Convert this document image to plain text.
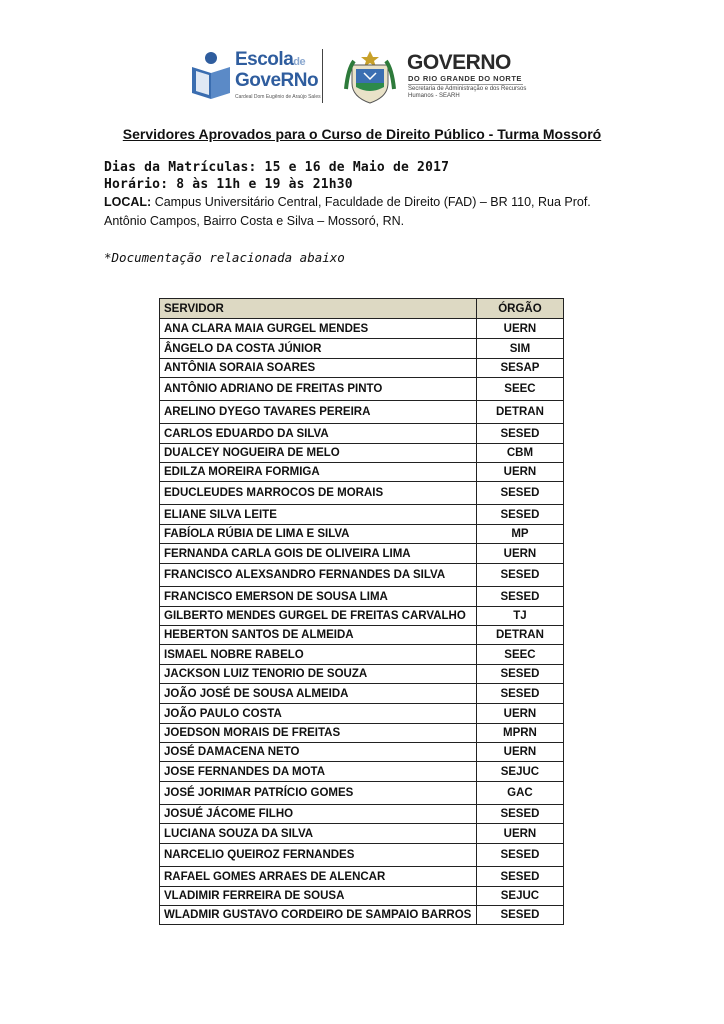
Escolade
GoveRNo
Cardeal Dom Eugênio de Araújo Sales
GOVERNO
DO RIO GRANDE DO NORTE
Secretaria de Administração e dos Recursos Humanos - SEARH
Servidores Aprovados para o Curso de Direito Público - Turma Mossoró
Dias da Matrículas: 15 e 16 de Maio de 2017
Horário: 8 às 11h e 19 às 21h30
LOCAL: Campus Universitário Central, Faculdade de Direito (FAD) – BR 110, Rua Prof. Antônio Campos, Bairro Costa e Silva – Mossoró, RN.
*Documentação relacionada abaixo
SERVIDOR	ÓRGÃO
ANA CLARA MAIA GURGEL MENDES	UERN
ÂNGELO DA COSTA JÚNIOR	SIM
ANTÔNIA SORAIA SOARES	SESAP
ANTÔNIO ADRIANO DE FREITAS PINTO	SEEC
ARELINO DYEGO TAVARES PEREIRA	DETRAN
CARLOS EDUARDO DA SILVA	SESED
DUALCEY NOGUEIRA DE MELO	CBM
EDILZA MOREIRA FORMIGA	UERN
EDUCLEUDES MARROCOS DE MORAIS	SESED
ELIANE SILVA LEITE	SESED
FABÍOLA RÚBIA DE LIMA E SILVA	MP
FERNANDA CARLA GOIS DE OLIVEIRA LIMA	UERN
FRANCISCO ALEXSANDRO FERNANDES DA SILVA	SESED
FRANCISCO EMERSON DE SOUSA LIMA	SESED
GILBERTO MENDES GURGEL DE FREITAS CARVALHO	TJ
HEBERTON SANTOS DE ALMEIDA	DETRAN
ISMAEL NOBRE RABELO	SEEC
JACKSON LUIZ TENORIO DE SOUZA	SESED
JOÃO JOSÉ DE SOUSA ALMEIDA	SESED
JOÃO PAULO COSTA	UERN
JOEDSON MORAIS DE FREITAS	MPRN
JOSÉ DAMACENA NETO	UERN
JOSE FERNANDES DA MOTA	SEJUC
JOSÉ JORIMAR PATRÍCIO GOMES	GAC
JOSUÉ JÁCOME FILHO	SESED
LUCIANA SOUZA DA SILVA	UERN
NARCELIO QUEIROZ FERNANDES	SESED
RAFAEL GOMES ARRAES DE ALENCAR	SESED
VLADIMIR FERREIRA DE SOUSA	SEJUC
WLADMIR GUSTAVO CORDEIRO DE SAMPAIO BARROS	SESED
